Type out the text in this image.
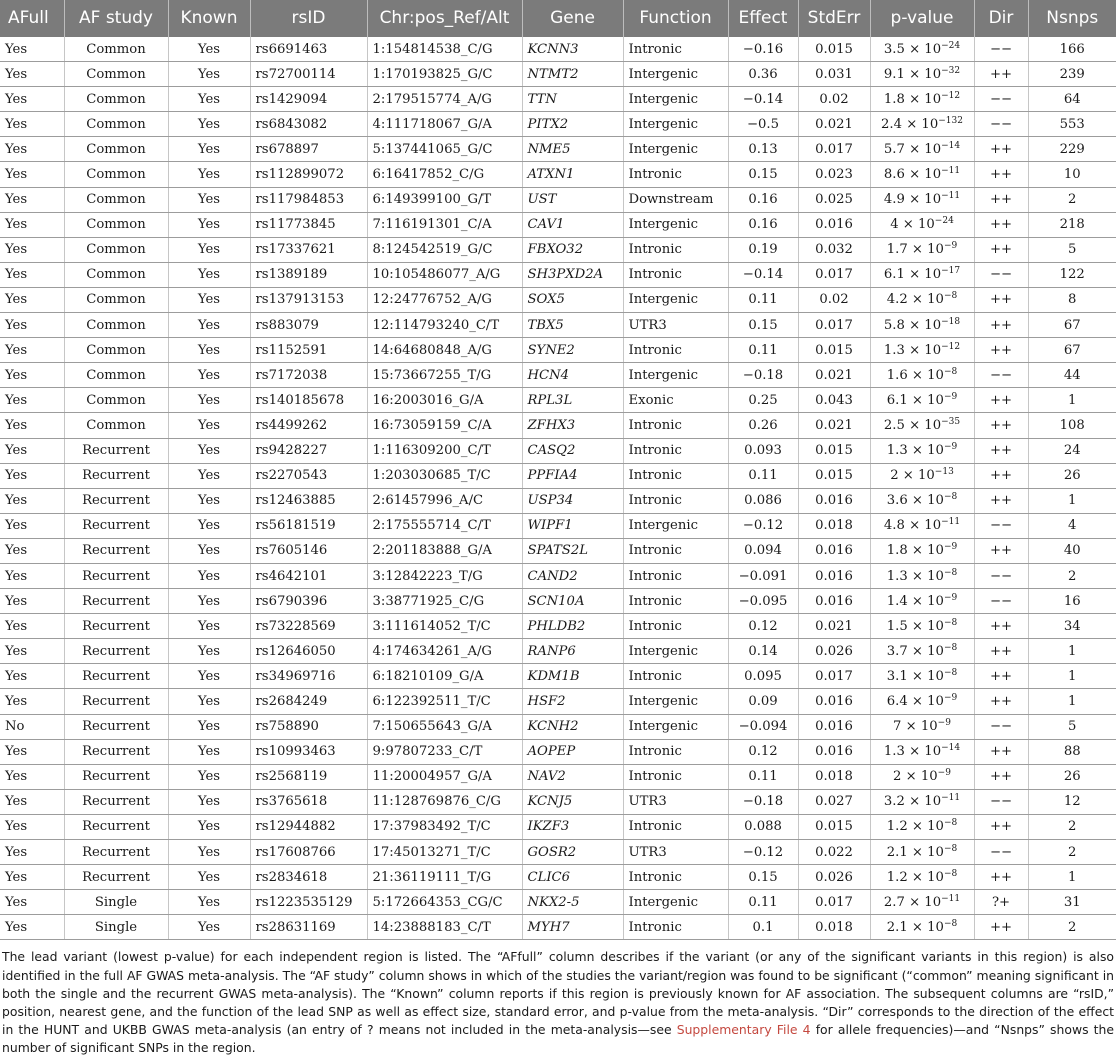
AFull	AF study	Known	rsID	Chr:pos_Ref/Alt	Gene	Function	Effect	StdErr	p-value	Dir	Nsnps
Yes	Common	Yes	rs6691463	1:154814538_C/G	KCNN3	Intronic	−0.16	0.015	$3.5 \times 10^{-24}$	−−	166
Yes	Common	Yes	rs72700114	1:170193825_G/C	NTMT2	Intergenic	0.36	0.031	$9.1 \times 10^{-32}$	++	239
Yes	Common	Yes	rs1429094	2:179515774_A/G	TTN	Intergenic	−0.14	0.02	$1.8 \times 10^{-12}$	−−	64
Yes	Common	Yes	rs6843082	4:111718067_G/A	PITX2	Intergenic	−0.5	0.021	$2.4 \times 10^{-132}$	−−	553
Yes	Common	Yes	rs678897	5:137441065_G/C	NME5	Intergenic	0.13	0.017	$5.7 \times 10^{-14}$	++	229
Yes	Common	Yes	rs112899072	6:16417852_C/G	ATXN1	Intronic	0.15	0.023	$8.6 \times 10^{-11}$	++	10
Yes	Common	Yes	rs117984853	6:149399100_G/T	UST	Downstream	0.16	0.025	$4.9 \times 10^{-11}$	++	2
Yes	Common	Yes	rs11773845	7:116191301_C/A	CAV1	Intergenic	0.16	0.016	$4 \times 10^{-24}$	++	218
Yes	Common	Yes	rs17337621	8:124542519_G/C	FBXO32	Intronic	0.19	0.032	$1.7 \times 10^{-9}$	++	5
Yes	Common	Yes	rs1389189	10:105486077_A/G	SH3PXD2A	Intronic	−0.14	0.017	$6.1 \times 10^{-17}$	−−	122
Yes	Common	Yes	rs137913153	12:24776752_A/G	SOX5	Intergenic	0.11	0.02	$4.2 \times 10^{-8}$	++	8
Yes	Common	Yes	rs883079	12:114793240_C/T	TBX5	UTR3	0.15	0.017	$5.8 \times 10^{-18}$	++	67
Yes	Common	Yes	rs1152591	14:64680848_A/G	SYNE2	Intronic	0.11	0.015	$1.3 \times 10^{-12}$	++	67
Yes	Common	Yes	rs7172038	15:73667255_T/G	HCN4	Intergenic	−0.18	0.021	$1.6 \times 10^{-8}$	−−	44
Yes	Common	Yes	rs140185678	16:2003016_G/A	RPL3L	Exonic	0.25	0.043	$6.1 \times 10^{-9}$	++	1
Yes	Common	Yes	rs4499262	16:73059159_C/A	ZFHX3	Intronic	0.26	0.021	$2.5 \times 10^{-35}$	++	108
Yes	Recurrent	Yes	rs9428227	1:116309200_C/T	CASQ2	Intronic	0.093	0.015	$1.3 \times 10^{-9}$	++	24
Yes	Recurrent	Yes	rs2270543	1:203030685_T/C	PPFIA4	Intronic	0.11	0.015	$2 \times 10^{-13}$	++	26
Yes	Recurrent	Yes	rs12463885	2:61457996_A/C	USP34	Intronic	0.086	0.016	$3.6 \times 10^{-8}$	++	1
Yes	Recurrent	Yes	rs56181519	2:175555714_C/T	WIPF1	Intergenic	−0.12	0.018	$4.8 \times 10^{-11}$	−−	4
Yes	Recurrent	Yes	rs7605146	2:201183888_G/A	SPATS2L	Intronic	0.094	0.016	$1.8 \times 10^{-9}$	++	40
Yes	Recurrent	Yes	rs4642101	3:12842223_T/G	CAND2	Intronic	−0.091	0.016	$1.3 \times 10^{-8}$	−−	2
Yes	Recurrent	Yes	rs6790396	3:38771925_C/G	SCN10A	Intronic	−0.095	0.016	$1.4 \times 10^{-9}$	−−	16
Yes	Recurrent	Yes	rs73228569	3:111614052_T/C	PHLDB2	Intronic	0.12	0.021	$1.5 \times 10^{-8}$	++	34
Yes	Recurrent	Yes	rs12646050	4:174634261_A/G	RANP6	Intergenic	0.14	0.026	$3.7 \times 10^{-8}$	++	1
Yes	Recurrent	Yes	rs34969716	6:18210109_G/A	KDM1B	Intronic	0.095	0.017	$3.1 \times 10^{-8}$	++	1
Yes	Recurrent	Yes	rs2684249	6:122392511_T/C	HSF2	Intergenic	0.09	0.016	$6.4 \times 10^{-9}$	++	1
No	Recurrent	Yes	rs758890	7:150655643_G/A	KCNH2	Intergenic	−0.094	0.016	$7 \times 10^{-9}$	−−	5
Yes	Recurrent	Yes	rs10993463	9:97807233_C/T	AOPEP	Intronic	0.12	0.016	$1.3 \times 10^{-14}$	++	88
Yes	Recurrent	Yes	rs2568119	11:20004957_G/A	NAV2	Intronic	0.11	0.018	$2 \times 10^{-9}$	++	26
Yes	Recurrent	Yes	rs3765618	11:128769876_C/G	KCNJ5	UTR3	−0.18	0.027	$3.2 \times 10^{-11}$	−−	12
Yes	Recurrent	Yes	rs12944882	17:37983492_T/C	IKZF3	Intronic	0.088	0.015	$1.2 \times 10^{-8}$	++	2
Yes	Recurrent	Yes	rs17608766	17:45013271_T/C	GOSR2	UTR3	−0.12	0.022	$2.1 \times 10^{-8}$	−−	2
Yes	Recurrent	Yes	rs2834618	21:36119111_T/G	CLIC6	Intronic	0.15	0.026	$1.2 \times 10^{-8}$	++	1
Yes	Single	Yes	rs1223535129	5:172664353_CG/C	NKX2-5	Intergenic	0.11	0.017	$2.7 \times 10^{-11}$	?+	31
Yes	Single	Yes	rs28631169	14:23888183_C/T	MYH7	Intronic	0.1	0.018	$2.1 \times 10^{-8}$	++	2
The lead variant (lowest p-value) for each independent region is listed. The “AFfull” column describes if the variant (or any of the significant variants in this region) is also identified in the full AF GWAS meta-analysis. The “AF study” column shows in which of the studies the variant/region was found to be significant (“common” meaning significant in both the single and the recurrent GWAS meta-analysis). The “Known” column reports if this region is previously known for AF association. The subsequent columns are “rsID,” position, nearest gene, and the function of the lead SNP as well as effect size, standard error, and p-value from the meta-analysis. “Dir” corresponds to the direction of the effect in the HUNT and UKBB GWAS meta-analysis (an entry of ? means not included in the meta-analysis—see Supplementary File 4 for allele frequencies)—and “Nsnps” shows the number of significant SNPs in the region.
